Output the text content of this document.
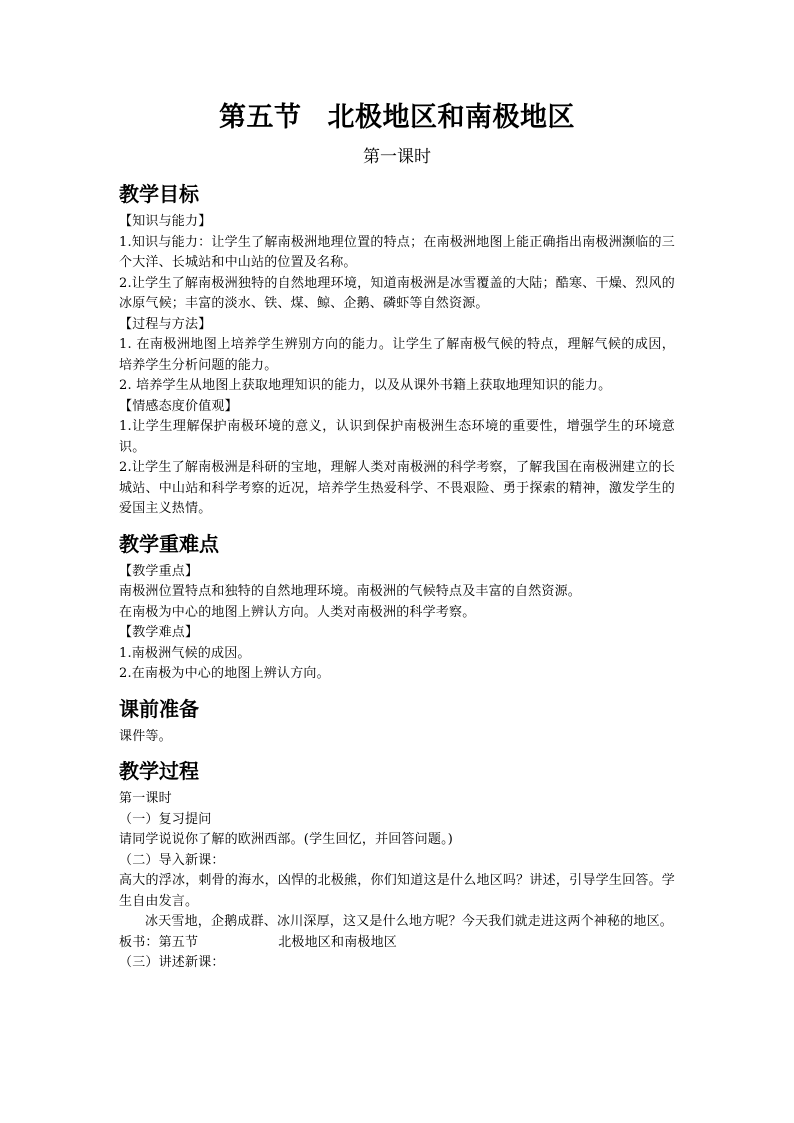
第五节 北极地区和南极地区
第一课时
教学目标

【知识与能力】

1.知识与能力：让学生了解南极洲地理位置的特点；在南极洲地图上能正确指出南极洲濒临的三个大洋、长城站和中山站的位置及名称。

2.让学生了解南极洲独特的自然地理环境，知道南极洲是冰雪覆盖的大陆；酷寒、干燥、烈风的冰原气候；丰富的淡水、铁、煤、鲸、企鹅、磷虾等自然资源。

【过程与方法】

1. 在南极洲地图上培养学生辨别方向的能力。让学生了解南极气候的特点，理解气候的成因，培养学生分析问题的能力。

2. 培养学生从地图上获取地理知识的能力，以及从课外书籍上获取地理知识的能力。

【情感态度价值观】

1.让学生理解保护南极环境的意义，认识到保护南极洲生态环境的重要性，增强学生的环境意识。

2.让学生了解南极洲是科研的宝地，理解人类对南极洲的科学考察，了解我国在南极洲建立的长城站、中山站和科学考察的近况，培养学生热爱科学、不畏艰险、勇于探索的精神，激发学生的爱国主义热情。

教学重难点

【教学重点】

南极洲位置特点和独特的自然地理环境。南极洲的气候特点及丰富的自然资源。

在南极为中心的地图上辨认方向。人类对南极洲的科学考察。

【教学难点】

1.南极洲气候的成因。

2.在南极为中心的地图上辨认方向。

课前准备

课件等。

教学过程

第一课时

（一）复习提问

请同学说说你了解的欧洲西部。(学生回忆，并回答问题。)

（二）导入新课：

高大的浮冰，刺骨的海水，凶悍的北极熊，你们知道这是什么地区吗？讲述，引导学生回答。学生自由发言。

冰天雪地，企鹅成群、冰川深厚，这又是什么地方呢？今天我们就走进这两个神秘的地区。

板书：第五节	北极地区和南极地区

（三）讲述新课：
